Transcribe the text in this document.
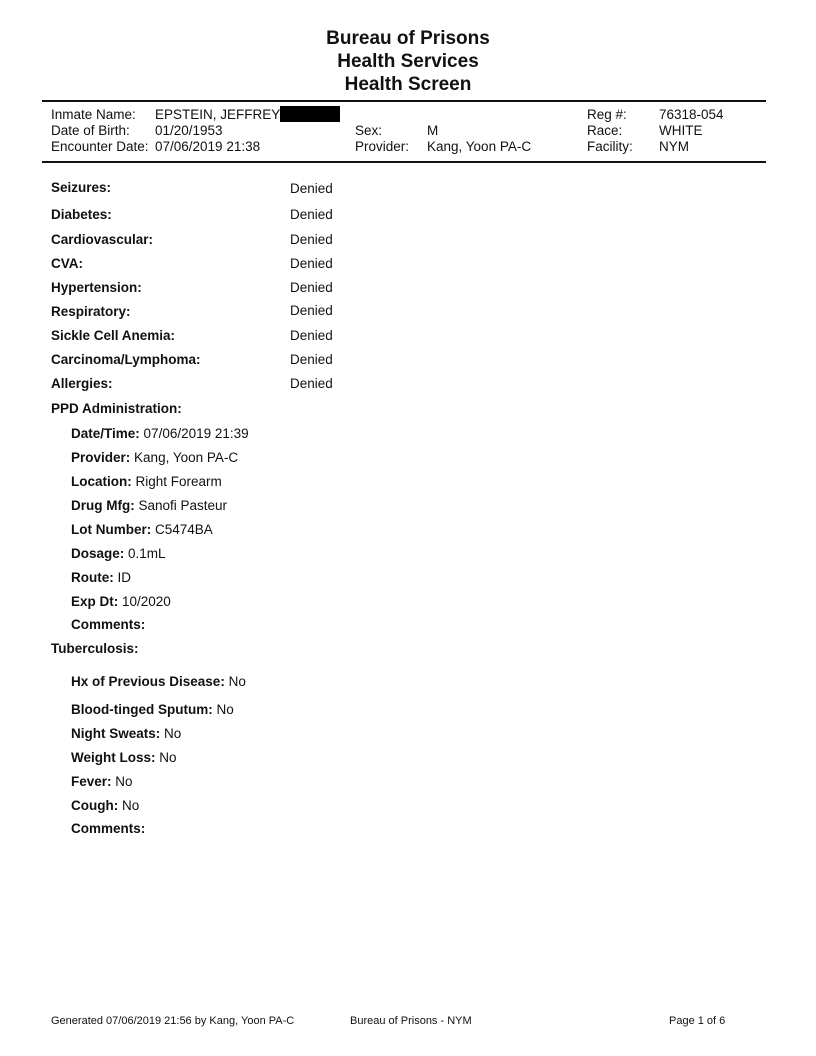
Bureau of Prisons
Health Services
Health Screen
Inmate Name: EPSTEIN, JEFFREY
Date of Birth: 01/20/1953
Encounter Date: 07/06/2019 21:38
Sex:	M
Provider: Kang, Yoon PA-C
Reg #: 76318-054
Race:	WHITE
Facility: NYM
Seizures:	Denied
Diabetes:	Denied
Cardiovascular:	Denied
CVA:	Denied
Hypertension:	Denied
Respiratory:	Denied
Sickle Cell Anemia:	Denied
Carcinoma/Lymphoma:	Denied
Allergies:	Denied
PPD Administration:
Date/Time: 07/06/2019 21:39
Provider: Kang, Yoon PA-C
Location: Right Forearm
Drug Mfg: Sanofi Pasteur
Lot Number: C5474BA
Dosage: 0.1mL
Route: ID
Exp Dt: 10/2020
Comments:
Tuberculosis:
Hx of Previous Disease: No
Blood-tinged Sputum: No
Night Sweats: No
Weight Loss: No
Fever: No
Cough: No
Comments:
Generated 07/06/2019 21:56 by Kang, Yoon PA-C	Bureau of Prisons - NYM	Page 1 of 6
